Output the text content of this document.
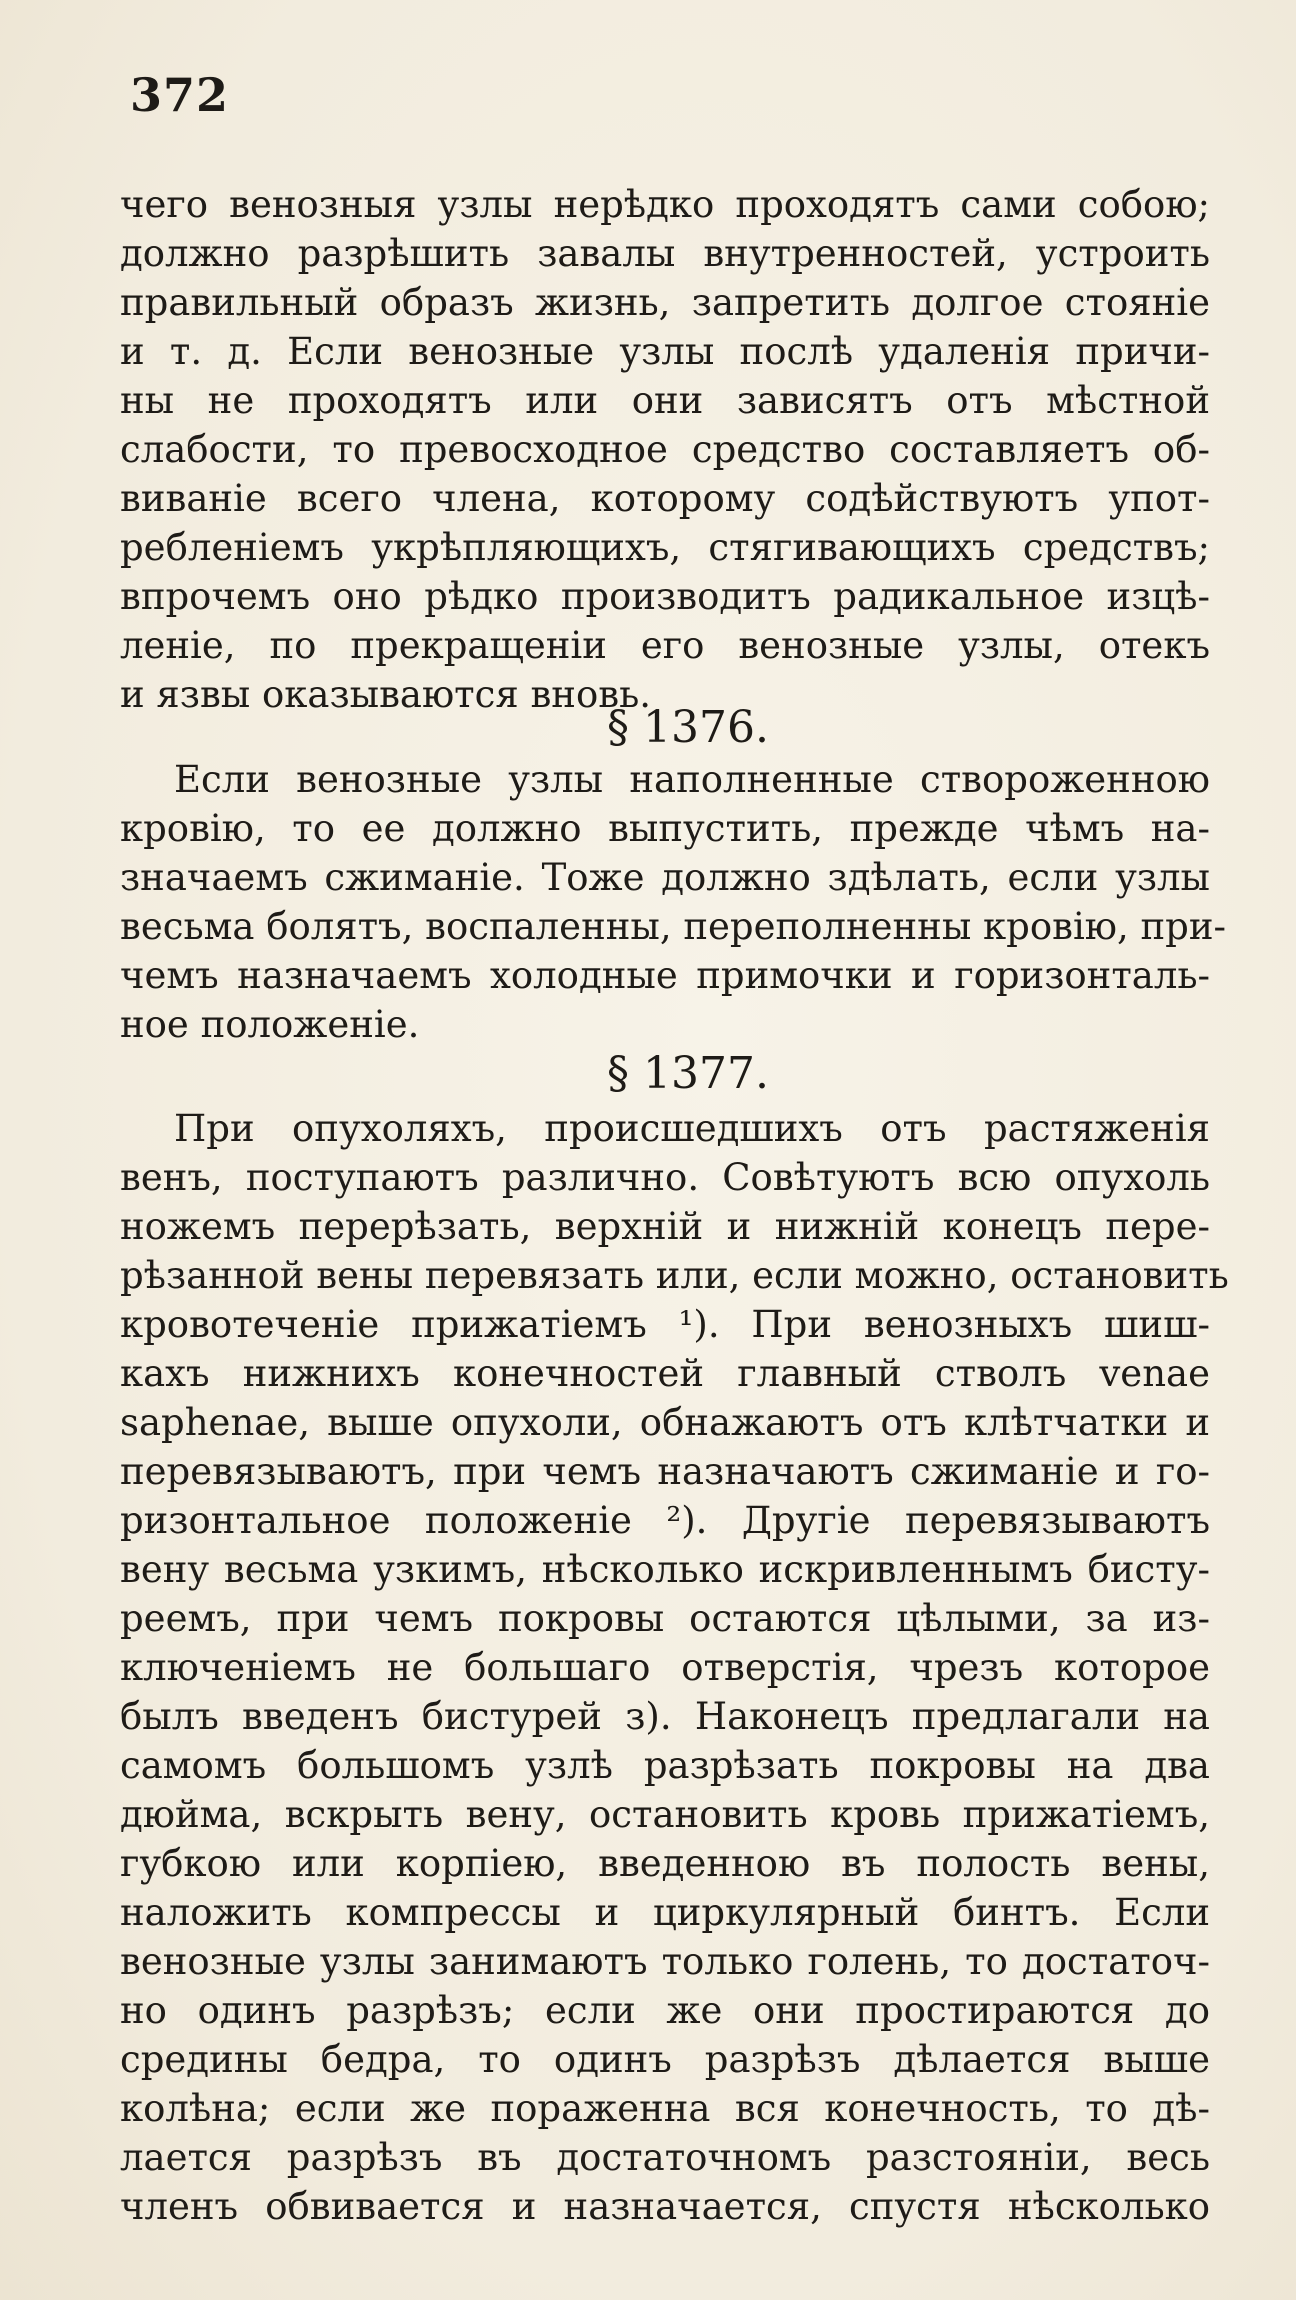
372
чего венозныя узлы нерѣдко проходятъ сами собою;
должно разрѣшить завалы внутренностей, устроить
правильный образъ жизнь, запретить долгое стояніе
и т. д. Если венозные узлы послѣ удаленія причи-
ны не проходятъ или они зависятъ отъ мѣстной
слабости, то превосходное средство составляетъ об-
виваніе всего члена, которому содѣйствуютъ упот-
ребленіемъ укрѣпляющихъ, стягивающихъ средствъ;
впрочемъ оно рѣдко производитъ радикальное изцѣ-
леніе, по прекращеніи его венозные узлы, отекъ
и язвы оказываются вновь.
§ 1376.
Если венозные узлы наполненные створоженною
кровію, то ее должно выпустить, прежде чѣмъ на-
значаемъ сжиманіе. Тоже должно здѣлать, если узлы
весьма болятъ, воспаленны, переполненны кровію, при-
чемъ назначаемъ холодные примочки и горизонталь-
ное положеніе.
§ 1377.
При опухоляхъ, происшедшихъ отъ растяженія
венъ, поступаютъ различно. Совѣтуютъ всю опухоль
ножемъ перерѣзать, верхній и нижній конецъ пере-
рѣзанной вены перевязать или, если можно, остановить
кровотеченіе прижатіемъ ¹). При венозныхъ шиш-
кахъ нижнихъ конечностей главный стволъ venae
saphenae, выше опухоли, обнажаютъ отъ клѣтчатки и
перевязываютъ, при чемъ назначаютъ сжиманіе и го-
ризонтальное положеніе ²). Другіе перевязываютъ
вену весьма узкимъ, нѣсколько искривленнымъ бисту-
реемъ, при чемъ покровы остаются цѣлыми, за из-
ключеніемъ не большаго отверстія, чрезъ которое
былъ введенъ бистурей з). Наконецъ предлагали на
самомъ большомъ узлѣ разрѣзать покровы на два
дюйма, вскрыть вену, остановить кровь прижатіемъ,
губкою или корпіею, введенною въ полость вены,
наложить компрессы и циркулярный бинтъ. Если
венозные узлы занимаютъ только голень, то достаточ-
но одинъ разрѣзъ; если же они простираются до
средины бедра, то одинъ разрѣзъ дѣлается выше
колѣна; если же пораженна вся конечность, то дѣ-
лается разрѣзъ въ достаточномъ разстояніи, весь
членъ обвивается и назначается, спустя нѣсколько
